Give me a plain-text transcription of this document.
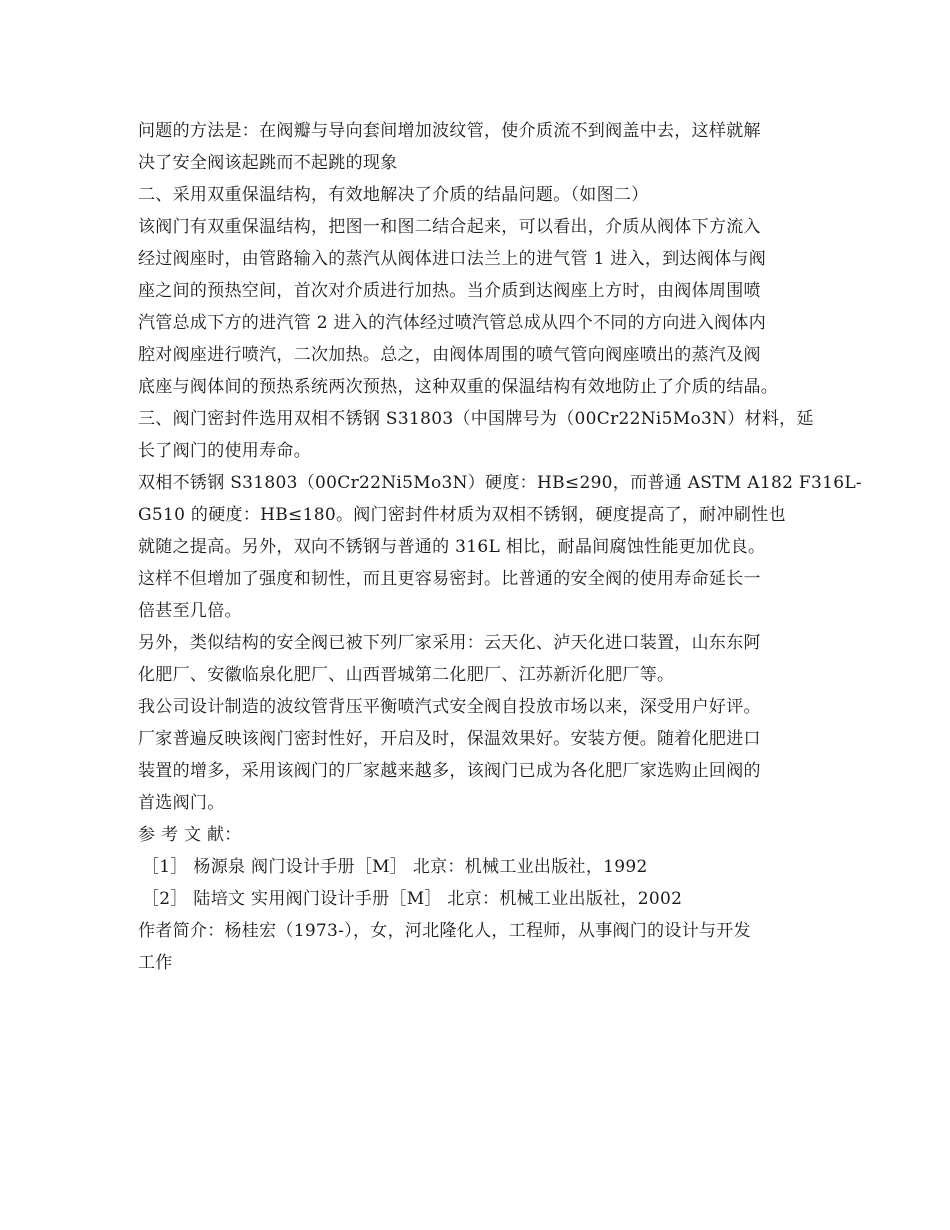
问题的方法是：在阀瓣与导向套间增加波纹管，使介质流不到阀盖中去，这样就解
决了安全阀该起跳而不起跳的现象
二、采用双重保温结构，有效地解决了介质的结晶问题。（如图二）
该阀门有双重保温结构，把图一和图二结合起来，可以看出，介质从阀体下方流入
经过阀座时，由管路输入的蒸汽从阀体进口法兰上的进气管 1 进入，到达阀体与阀
座之间的预热空间，首次对介质进行加热。当介质到达阀座上方时，由阀体周围喷
汽管总成下方的进汽管 2 进入的汽体经过喷汽管总成从四个不同的方向进入阀体内
腔对阀座进行喷汽，二次加热。总之，由阀体周围的喷气管向阀座喷出的蒸汽及阀
底座与阀体间的预热系统两次预热，这种双重的保温结构有效地防止了介质的结晶。
三、阀门密封件选用双相不锈钢 S31803（中国牌号为（00Cr22Ni5Mo3N）材料，延
长了阀门的使用寿命。
双相不锈钢 S31803（00Cr22Ni5Mo3N）硬度：HB≤290，而普通 ASTM A182 F316L-
G510 的硬度：HB≤180。阀门密封件材质为双相不锈钢，硬度提高了，耐冲刷性也
就随之提高。另外，双向不锈钢与普通的 316L 相比，耐晶间腐蚀性能更加优良。
这样不但增加了强度和韧性，而且更容易密封。比普通的安全阀的使用寿命延长一
倍甚至几倍。
另外，类似结构的安全阀已被下列厂家采用：云天化、泸天化进口装置，山东东阿
化肥厂、安徽临泉化肥厂、山西晋城第二化肥厂、江苏新沂化肥厂等。
我公司设计制造的波纹管背压平衡喷汽式安全阀自投放市场以来，深受用户好评。
厂家普遍反映该阀门密封性好，开启及时，保温效果好。安装方便。随着化肥进口
装置的增多，采用该阀门的厂家越来越多，该阀门已成为各化肥厂家选购止回阀的
首选阀门。
参 考 文 献：
［1］ 杨源泉 阀门设计手册［M］ 北京：机械工业出版社，1992
［2］ 陆培文 实用阀门设计手册［M］ 北京：机械工业出版社，2002
作者简介：杨桂宏（1973-），女，河北隆化人，工程师，从事阀门的设计与开发
工作
